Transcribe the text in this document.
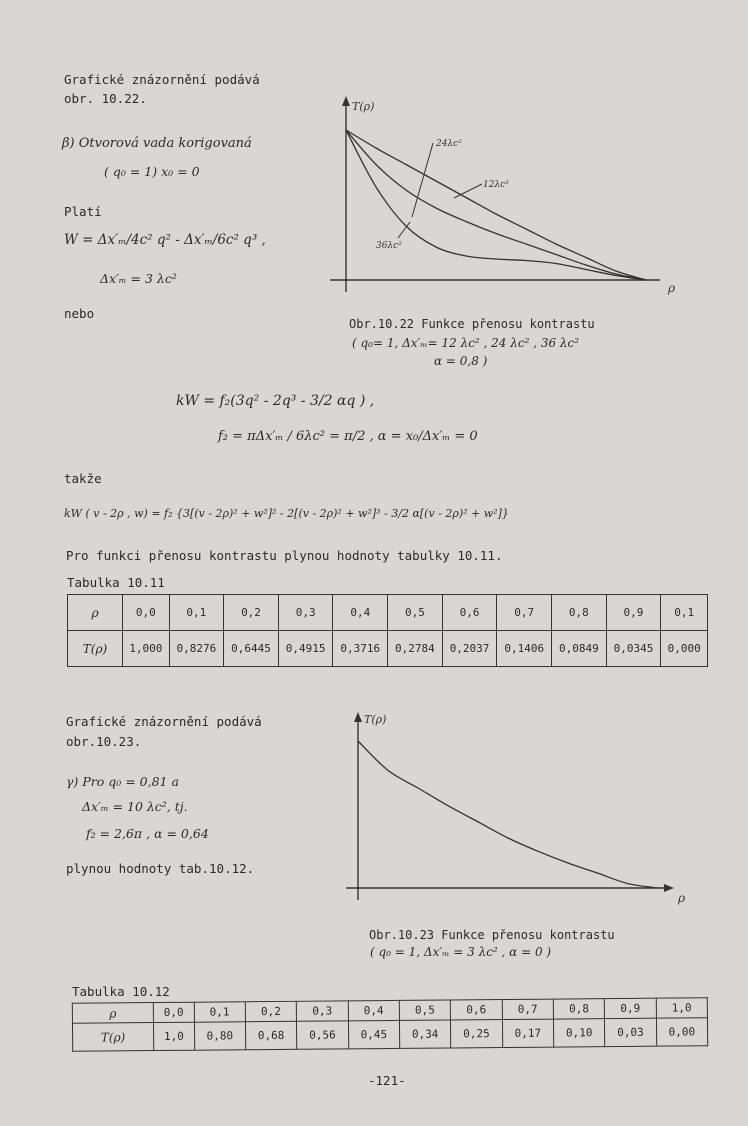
Grafické znázornění podává
obr. 10.22.
β) Otvorová vada korigovaná
( q₀ = 1) x₀ = 0
Platí
W = Δx′ₘ/4c² q² - Δx′ₘ/6c² q³ ,
Δx′ₘ = 3 λc²
nebo
T(ρ)
ρ
24λc²
12λc²
36λc²
Obr.10.22 Funkce přenosu kontrastu
( q₀= 1, Δx′ₘ= 12 λc² , 24 λc² , 36 λc²
α = 0,8 )
kW = f₂(3q² - 2q³ - 3/2 αq ) ,
f₂ = πΔx′ₘ / 6λc² = π/2 , α = x₀/Δx′ₘ = 0
takže
kW ( v - 2ρ , w) = f₂ {3[(v - 2ρ)² + w²]² - 2[(v - 2ρ)² + w²]³ - 3/2 α[(v - 2ρ)² + w²]}
Pro funkci přenosu kontrastu plynou hodnoty tabulky 10.11.
Tabulka 10.11
ρ	0,0	0,1	0,2	0,3	0,4	0,5	0,6	0,7	0,8	0,9	0,1
T(ρ)	1,000	0,8276	0,6445	0,4915	0,3716	0,2784	0,2037	0,1406	0,0849	0,0345	0,000
Grafické znázornění podává
obr.10.23.
γ) Pro q₀ = 0,81 a
Δx′ₘ = 10 λc², tj.
f₂ = 2,6π , α = 0,64
plynou hodnoty tab.10.12.
T(ρ)
ρ
Obr.10.23 Funkce přenosu kontrastu
( q₀ = 1, Δx′ₘ = 3 λc² , α = 0 )
Tabulka 10.12
ρ	0,0	0,1	0,2	0,3	0,4	0,5	0,6	0,7	0,8	0,9	1,0
T(ρ)	1,0	0,80	0,68	0,56	0,45	0,34	0,25	0,17	0,10	0,03	0,00
-121-
